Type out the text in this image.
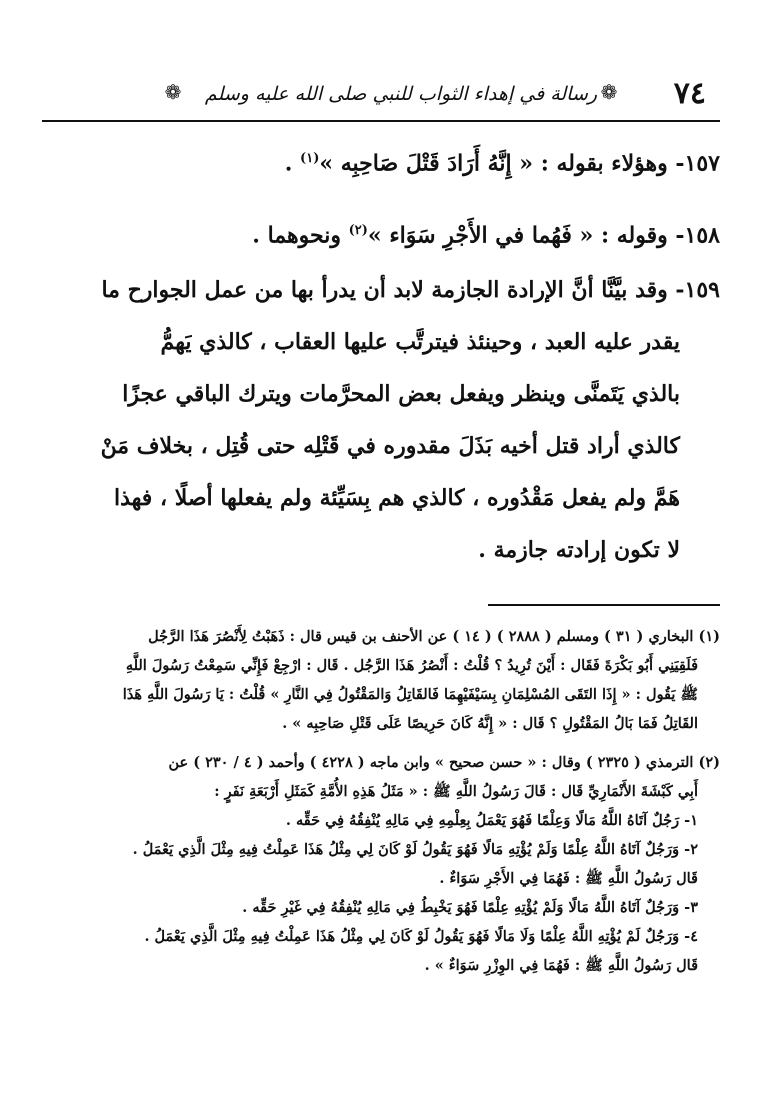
٧٤
❁
رسالة في إهداء الثواب للنبي صلى الله عليه وسلم
❁

١٥٧- وهؤلاء بقوله : « إِنَّهُ أَرَادَ قَتْلَ صَاحِبِه »$^{(١)}$ .

١٥٨- وقوله : « فَهُما في الأَجْرِ سَوَاء »$^{(٢)}$ ونحوهما .

١٥٩- وقد بيَّنَّا أنَّ الإرادة الجازمة لابد أن يدرأ بها من عمل الجوارح ما
يقدر عليه العبد ، وحينئذ فيترتَّب عليها العقاب ، كالذي يَهمُّ
بالذي يَتَمنَّى وينظر ويفعل بعض المحرَّمات ويترك الباقي عجزًا
كالذي أراد قتل أخيه بَذَلَ مقدوره في قَتْلِه حتى قُتِل ، بخلاف مَنْ
هَمَّ ولم يفعل مَقْدُوره ، كالذي هم بِسَيِّئة ولم يفعلها أصلًا ، فهذا
لا تكون إرادته جازمة .
(١) البخاري ( ٣١ ) ومسلم ( ٢٨٨٨ ) ( ١٤ ) عن الأحنف بن قيس قال : ذَهَبْتُ لِأَنْصُرَ هَذَا الرَّجُل
فَلَقِيَنِي أَبُو بَكْرَةَ فَقَال : أَيْنَ تُرِيدُ ؟ قُلْتُ : أَنْصُرُ هَذَا الرَّجُل . قَال : ارْجِعْ فَإِنِّي سَمِعْتُ رَسُولَ اللَّهِ
ﷺ يَقُول : « إِذَا التَقَى المُسْلِمَانِ بِسَيْفَيْهِمَا فَالقَاتِلُ وَالمَقْتُولُ فِي النَّارِ » قُلْتُ : يَا رَسُولَ اللَّهِ هَذَا
القَاتِلُ فَمَا بَالُ المَقْتُولِ ؟ قَال : « إِنَّهُ كَانَ حَرِيصًا عَلَى قَتْلِ صَاحِبِه » .
(٢) الترمذي ( ٢٣٢٥ ) وقال : « حسن صحيح » وابن ماجه ( ٤٢٢٨ ) وأحمد ( ٤ / ٢٣٠ ) عن
أَبِي كَبْشَةَ الأَنْمَارِيِّ قَال : قَالَ رَسُولُ اللَّهِ ﷺ : « مَثَلُ هَذِهِ الأُمَّةِ كَمَثَلِ أَرْبَعَةِ نَفَرٍ :
١- رَجُلٌ آتَاهُ اللَّهُ مَالًا وَعِلْمًا فَهُوَ يَعْمَلُ بِعِلْمِهِ فِي مَالِهِ يُنْفِقُهُ فِي حَقِّه .
٢- وَرَجُلٌ آتَاهُ اللَّهُ عِلْمًا وَلَمْ يُؤْتِهِ مَالًا فَهُوَ يَقُولُ لَوْ كَانَ لِي مِثْلُ هَذَا عَمِلْتُ فِيهِ مِثْلَ الَّذِي يَعْمَلُ .
قَال رَسُولُ اللَّهِ ﷺ : فَهُمَا فِي الأَجْرِ سَوَاءٌ .
٣- وَرَجُلٌ آتَاهُ اللَّهُ مَالًا وَلَمْ يُؤْتِهِ عِلْمًا فَهُوَ يَخْبِطُ فِي مَالِهِ يُنْفِقُهُ فِي غَيْرِ حَقِّه .
٤- وَرَجُلٌ لَمْ يُؤْتِهِ اللَّهُ عِلْمًا وَلَا مَالًا فَهُوَ يَقُولُ لَوْ كَانَ لِي مِثْلُ هَذَا عَمِلْتُ فِيهِ مِثْلَ الَّذِي يَعْمَلُ .
قَال رَسُولُ اللَّهِ ﷺ : فَهُمَا فِي الوِزْرِ سَوَاءٌ » .
